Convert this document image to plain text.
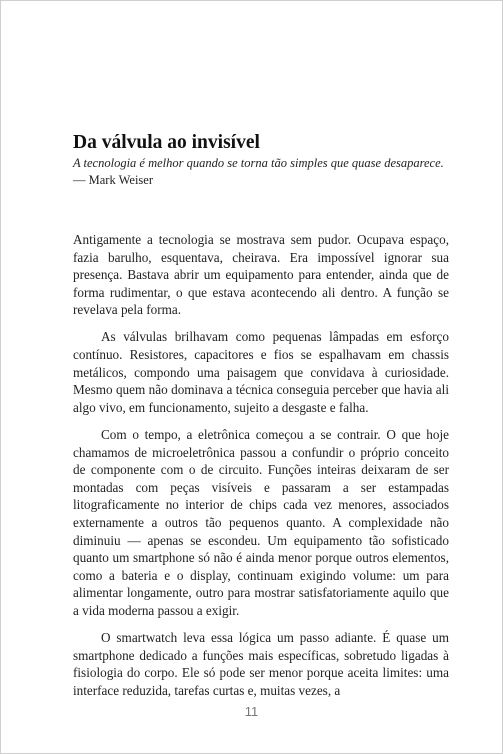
Da válvula ao invisível

A tecnologia é melhor quando se torna tão simples que quase desaparece.

— Mark Weiser

Antigamente a tecnologia se mostrava sem pudor. Ocupava espaço, fazia barulho, esquentava, cheirava. Era impossível ignorar sua presença. Bastava abrir um equipamento para entender, ainda que de forma rudimentar, o que estava acontecendo ali dentro. A função se revelava pela forma.

As válvulas brilhavam como pequenas lâmpadas em esforço contínuo. Resistores, capacitores e fios se espalhavam em chassis metálicos, compondo uma paisagem que convidava à curiosidade. Mesmo quem não dominava a técnica conseguia perceber que havia ali algo vivo, em funcionamento, sujeito a desgaste e falha.

Com o tempo, a eletrônica começou a se contrair. O que hoje chamamos de microeletrônica passou a confundir o próprio conceito de componente com o de circuito. Funções inteiras deixaram de ser montadas com peças visíveis e passaram a ser estampadas litograficamente no interior de chips cada vez menores, associados externamente a outros tão pequenos quanto. A complexidade não diminuiu — apenas se escondeu. Um equipamento tão sofisticado quanto um smartphone só não é ainda menor porque outros elementos, como a bateria e o display, continuam exigindo volume: um para alimentar longamente, outro para mostrar satisfatoriamente aquilo que a vida moderna passou a exigir.

O smartwatch leva essa lógica um passo adiante. É quase um smartphone dedicado a funções mais específicas, sobretudo ligadas à fisiologia do corpo. Ele só pode ser menor porque aceita limites: uma interface reduzida, tarefas curtas e, muitas vezes, a

11
